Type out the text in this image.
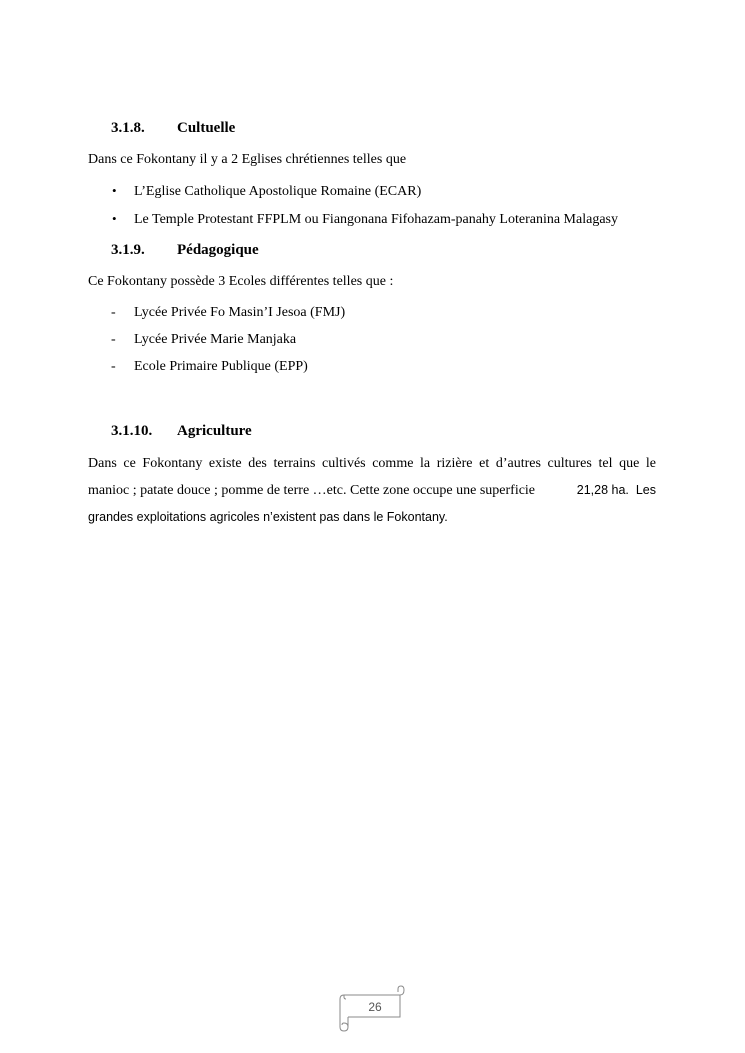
3.1.8. Cultuelle
Dans ce Fokontany il y a 2 Eglises chrétiennes telles que
• L’Eglise Catholique Apostolique Romaine (ECAR)
• Le Temple Protestant FFPLM ou Fiangonana Fifohazam-panahy Loteranina Malagasy
3.1.9. Pédagogique
Ce Fokontany possède 3 Ecoles différentes telles que :
- Lycée Privée Fo Masin’I Jesoa (FMJ)
- Lycée Privée Marie Manjaka
- Ecole Primaire Publique (EPP)
3.1.10. Agriculture
Dans ce Fokontany existe des terrains cultivés comme la rizière et d’autres cultures tel que le
manioc ; patate douce ; pomme de terre …etc. Cette zone occupe une superficie	21,28 ha.  Les
grandes exploitations agricoles n’existent pas dans le Fokontany.
26
